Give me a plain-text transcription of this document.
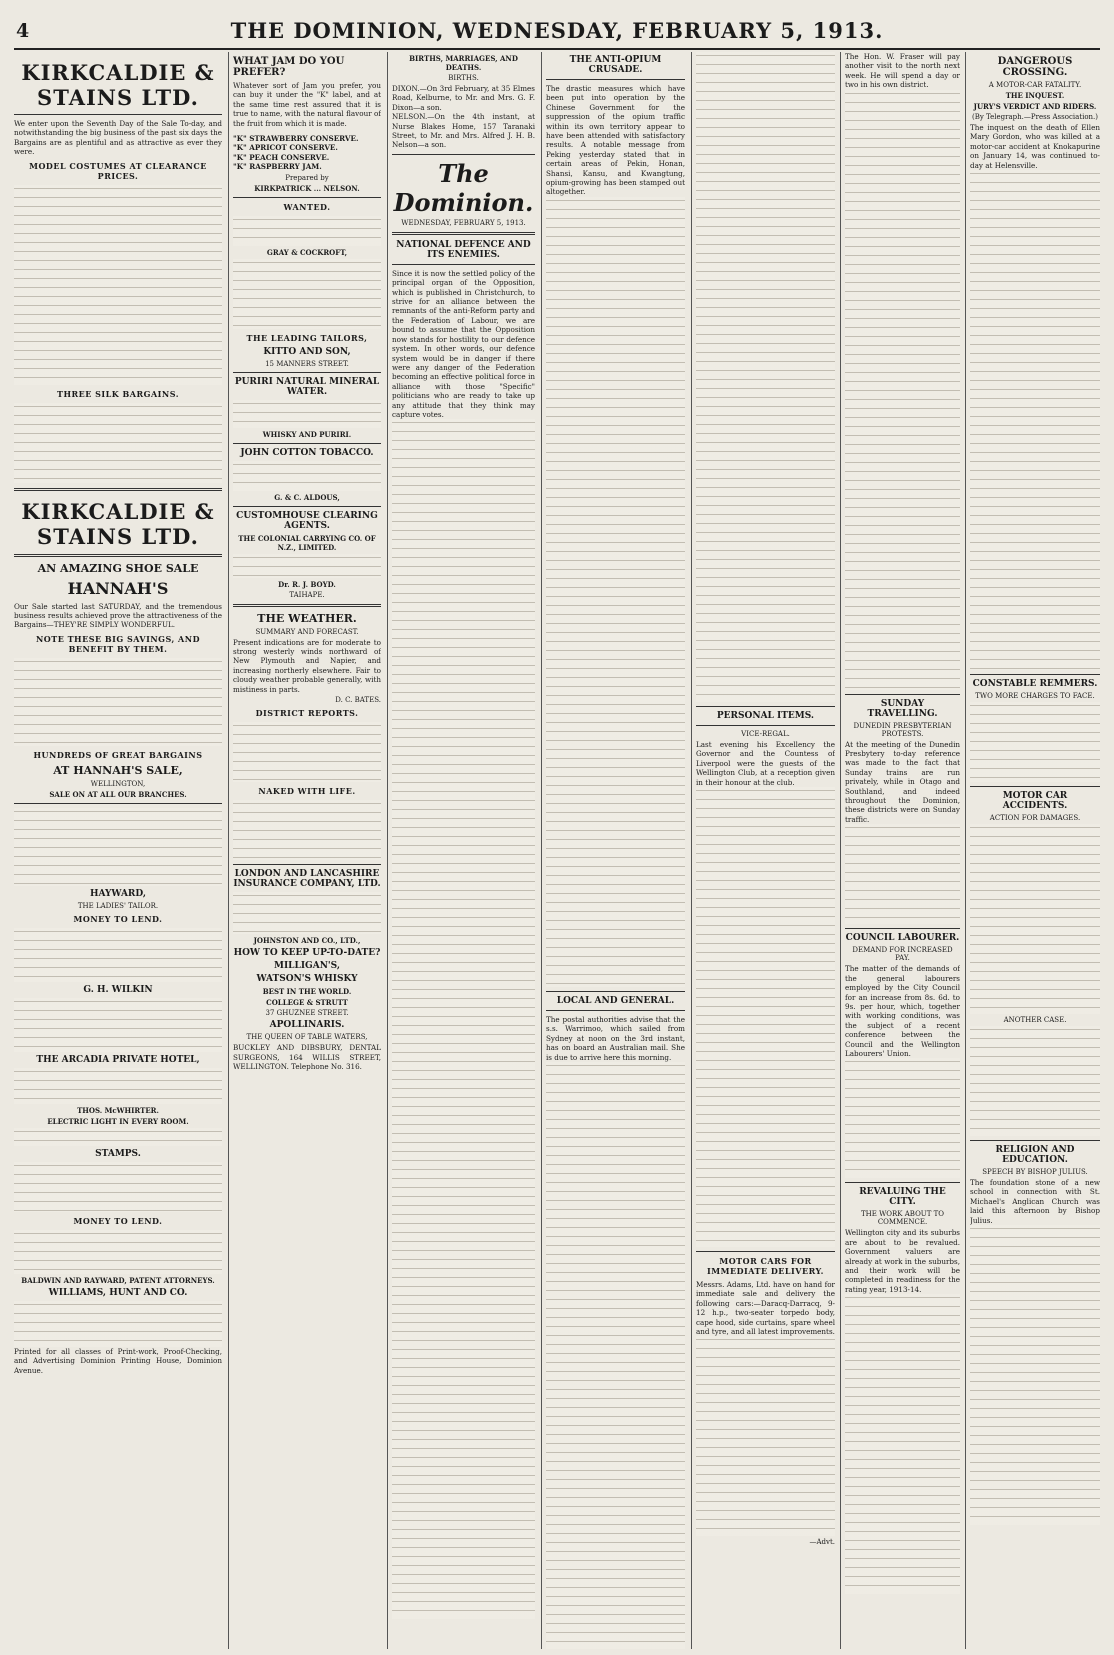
4	THE DOMINION, WEDNESDAY, FEBRUARY 5, 1913.
KIRKCALDIE & STAINS LTD.
We enter upon the Seventh Day of the Sale To-day, and notwithstanding the big business of the past six days the Bargains are as plentiful and as attractive as ever they were.
MODEL COSTUMES AT CLEARANCE PRICES.
THREE SILK BARGAINS.
KIRKCALDIE & STAINS LTD.
AN AMAZING SHOE SALE
HANNAH'S
Our Sale started last SATURDAY, and the tremendous business results achieved prove the attractiveness of the Bargains—THEY'RE SIMPLY WONDERFUL.
NOTE THESE BIG SAVINGS, AND BENEFIT BY THEM.
HUNDREDS OF GREAT BARGAINS
AT HANNAH'S SALE,
WELLINGTON,
SALE ON AT ALL OUR BRANCHES.
HAYWARD,
THE LADIES' TAILOR.
MONEY TO LEND.
G. H. WILKIN
THE ARCADIA PRIVATE HOTEL,
THOS. McWHIRTER.
ELECTRIC LIGHT IN EVERY ROOM.
STAMPS.
MONEY TO LEND.
BALDWIN AND RAYWARD, PATENT ATTORNEYS.
WILLIAMS, HUNT AND CO.
Printed for all classes of Print-work, Proof-Checking, and Advertising Dominion Printing House, Dominion Avenue.
WHAT JAM DO YOU PREFER?
Whatever sort of Jam you prefer, you can buy it under the "K" label, and at the same time rest assured that it is true to name, with the natural flavour of the fruit from which it is made.
"K" STRAWBERRY CONSERVE.
"K" APRICOT CONSERVE.
"K" PEACH CONSERVE.
"K" RASPBERRY JAM.
Prepared by
KIRKPATRICK ... NELSON.
WANTED.
GRAY & COCKROFT,
THE LEADING TAILORS,
KITTO AND SON,
15 MANNERS STREET.
PURIRI NATURAL MINERAL WATER.
WHISKY AND PURIRI.
JOHN COTTON TOBACCO.
G. & C. ALDOUS,
CUSTOMHOUSE CLEARING AGENTS.
THE COLONIAL CARRYING CO. OF N.Z., LIMITED.
Dr. R. J. BOYD.
TAIHAPE.
THE WEATHER.
SUMMARY AND FORECAST.
Present indications are for moderate to strong westerly winds northward of New Plymouth and Napier, and increasing northerly elsewhere. Fair to cloudy weather probable generally, with mistiness in parts.
D. C. BATES.
DISTRICT REPORTS.
NAKED WITH LIFE.
LONDON AND LANCASHIRE INSURANCE COMPANY, LTD.
JOHNSTON AND CO., LTD.,
HOW TO KEEP UP-TO-DATE?
MILLIGAN'S,
WATSON'S WHISKY
BEST IN THE WORLD.
COLLEGE & STRUTT
37 GHUZNEE STREET.
APOLLINARIS.
THE QUEEN OF TABLE WATERS,
BUCKLEY AND DIBSBURY, DENTAL SURGEONS, 164 WILLIS STREET, WELLINGTON. Telephone No. 316.
BIRTHS, MARRIAGES, AND DEATHS.
BIRTHS.
DIXON.—On 3rd February, at 35 Elmes Road, Kelburne, to Mr. and Mrs. G. F. Dixon—a son.
NELSON.—On the 4th instant, at Nurse Blakes Home, 157 Taranaki Street, to Mr. and Mrs. Alfred J. H. B. Nelson—a son.
The Dominion.
WEDNESDAY, FEBRUARY 5, 1913.
NATIONAL DEFENCE AND ITS ENEMIES.
Since it is now the settled policy of the principal organ of the Opposition, which is published in Christchurch, to strive for an alliance between the remnants of the anti-Reform party and the Federation of Labour, we are bound to assume that the Opposition now stands for hostility to our defence system. In other words, our defence system would be in danger if there were any danger of the Federation becoming an effective political force in alliance with those "Specific" politicians who are ready to take up any attitude that they think may capture votes.
THE ANTI-OPIUM CRUSADE.
The drastic measures which have been put into operation by the Chinese Government for the suppression of the opium traffic within its own territory appear to have been attended with satisfactory results. A notable message from Peking yesterday stated that in certain areas of Pekin, Honan, Shansi, Kansu, and Kwangtung, opium-growing has been stamped out altogether.
LOCAL AND GENERAL.
The postal authorities advise that the s.s. Warrimoo, which sailed from Sydney at noon on the 3rd instant, has on board an Australian mail. She is due to arrive here this morning.
PERSONAL ITEMS.
VICE-REGAL.
Last evening his Excellency the Governor and the Countess of Liverpool were the guests of the Wellington Club, at a reception given in their honour at the club.
MOTOR CARS FOR IMMEDIATE DELIVERY.
Messrs. Adams, Ltd. have on hand for immediate sale and delivery the following cars:—Daracq-Darracq, 9-12 h.p., two-seater torpedo body, cape hood, side curtains, spare wheel and tyre, and all latest improvements.
—Advt.
The Hon. W. Fraser will pay another visit to the north next week. He will spend a day or two in his own district.
SUNDAY TRAVELLING.
DUNEDIN PRESBYTERIAN PROTESTS.
At the meeting of the Dunedin Presbytery to-day reference was made to the fact that Sunday trains are run privately, while in Otago and Southland, and indeed throughout the Dominion, these districts were on Sunday traffic.
COUNCIL LABOURER.
DEMAND FOR INCREASED PAY.
The matter of the demands of the general labourers employed by the City Council for an increase from 8s. 6d. to 9s. per hour, which, together with working conditions, was the subject of a recent conference between the Council and the Wellington Labourers' Union.
REVALUING THE CITY.
THE WORK ABOUT TO COMMENCE.
Wellington city and its suburbs are about to be revalued. Government valuers are already at work in the suburbs, and their work will be completed in readiness for the rating year, 1913-14.
DANGEROUS CROSSING.
A MOTOR-CAR FATALITY.
THE INQUEST.
JURY'S VERDICT AND RIDERS.
(By Telegraph.—Press Association.)
The inquest on the death of Ellen Mary Gordon, who was killed at a motor-car accident at Knokapurine on January 14, was continued to-day at Helensville.
CONSTABLE REMMERS.
TWO MORE CHARGES TO FACE.
MOTOR CAR ACCIDENTS.
ACTION FOR DAMAGES.
ANOTHER CASE.
RELIGION AND EDUCATION.
SPEECH BY BISHOP JULIUS.
The foundation stone of a new school in connection with St. Michael's Anglican Church was laid this afternoon by Bishop Julius.
